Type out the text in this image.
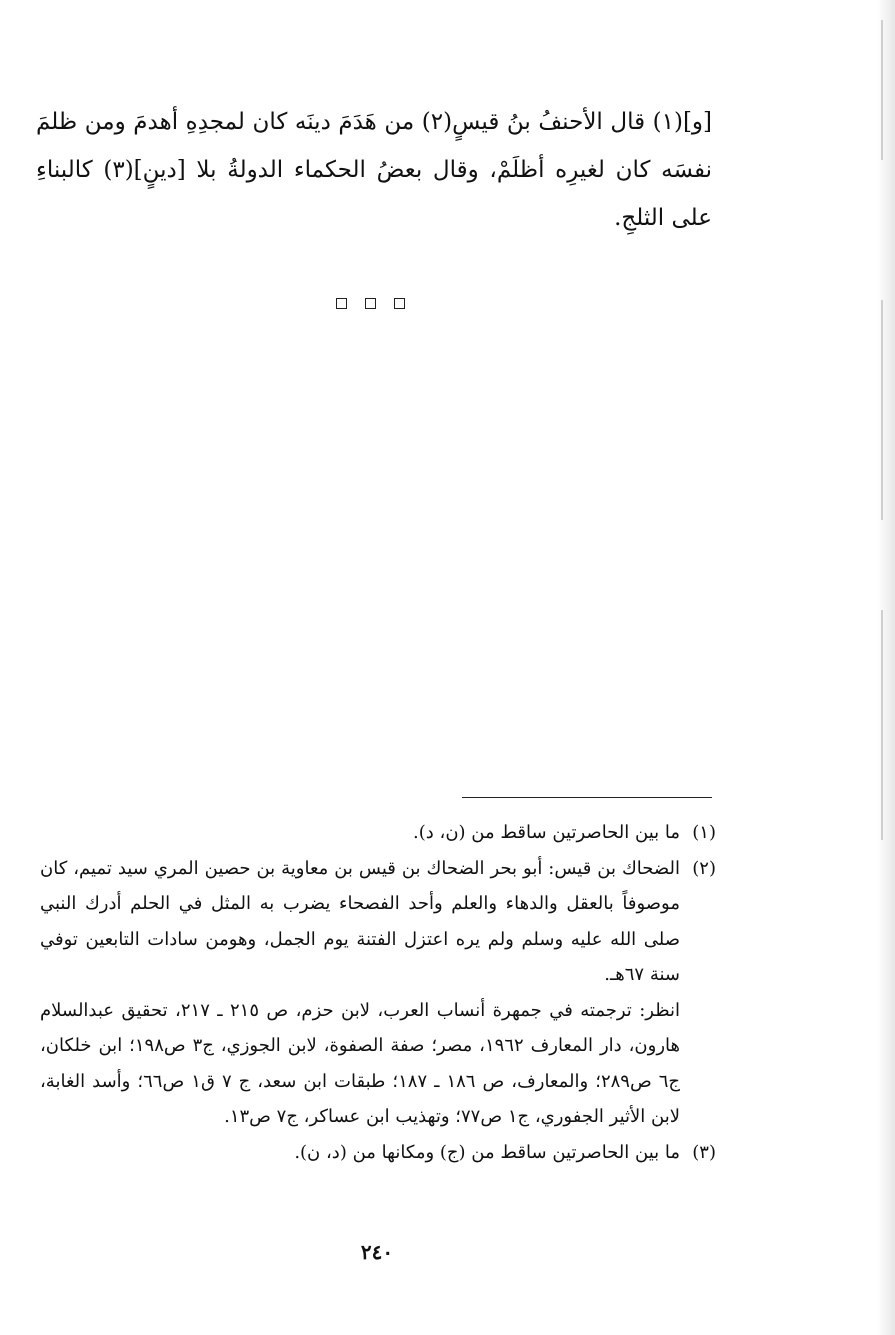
[و](١) قال الأحنفُ بنُ قيسٍ(٢) من هَدَمَ دينَه كان لمجدِهِ أهدمَ ومن ظلمَ نفسَه كان لغيرِه أظلَمْ، وقال بعضُ الحكماء الدولةُ بلا [دينٍ](٣) كالبناءِ على الثلجِ.

(١)

ما بين الحاصرتين ساقط من (ن، د).

(٢)

الضحاك بن قيس: أبو بحر الضحاك بن قيس بن معاوية بن حصين المري سيد تميم، كان موصوفاً بالعقل والدهاء والعلم وأحد الفصحاء يضرب به المثل في الحلم أدرك النبي صلى الله عليه وسلم ولم يره اعتزل الفتنة يوم الجمل، وهومن سادات التابعين توفي سنة ٦٧هـ.

انظر: ترجمته في جمهرة أنساب العرب، لابن حزم، ص ٢١٥ ـ ٢١٧، تحقيق عبدالسلام هارون، دار المعارف ١٩٦٢، مصر؛ صفة الصفوة، لابن الجوزي، ج٣ ص١٩٨؛ ابن خلكان، ج٦ ص٢٨٩؛ والمعارف، ص ١٨٦ ـ ١٨٧؛ طبقات ابن سعد، ج ٧ ق١ ص٦٦؛ وأسد الغابة، لابن الأثير الجفوري، ج١ ص٧٧؛ وتهذيب ابن عساكر، ج٧ ص١٣.

(٣)

ما بين الحاصرتين ساقط من (ج) ومكانها من (د، ن).

٢٤٠
